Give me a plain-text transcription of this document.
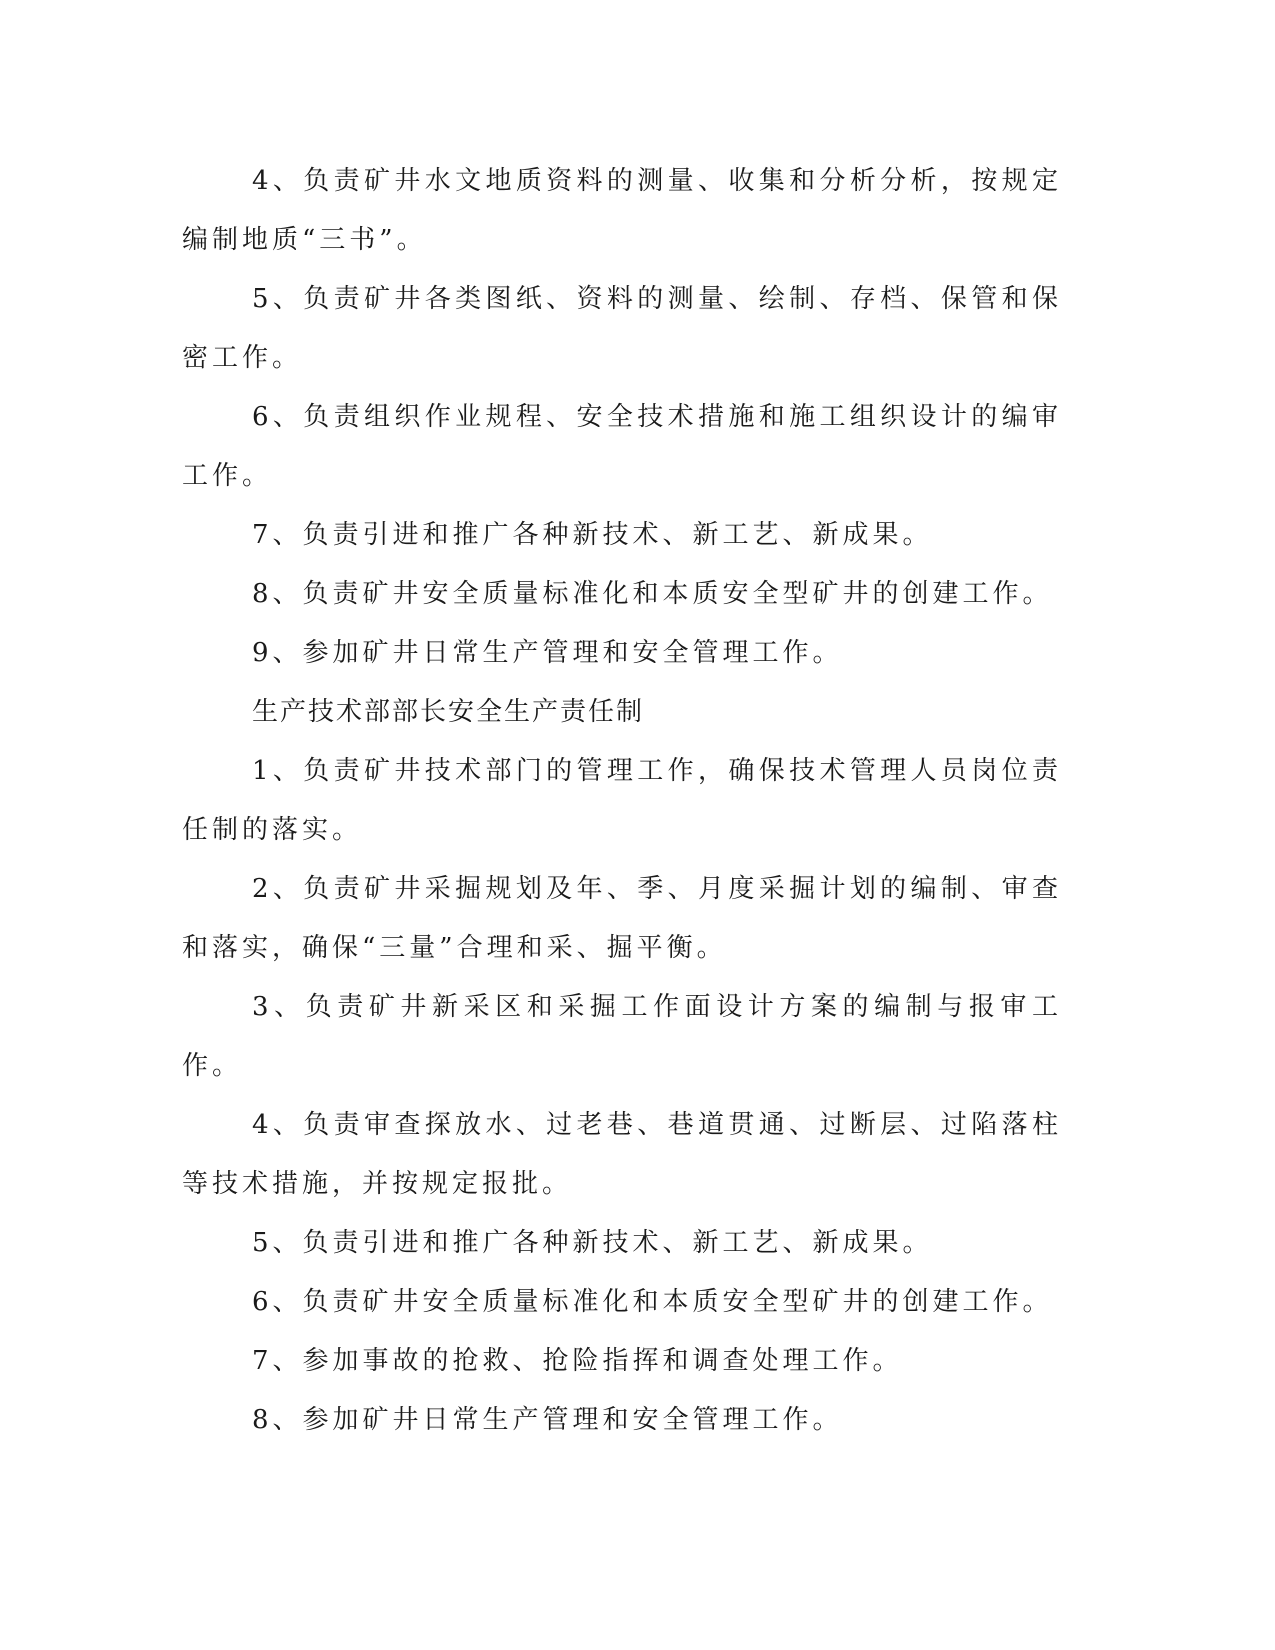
4、负责矿井水文地质资料的测量、收集和分析分析，按规定编制地质“三书”。

5、负责矿井各类图纸、资料的测量、绘制、存档、保管和保密工作。

6、负责组织作业规程、安全技术措施和施工组织设计的编审工作。

7、负责引进和推广各种新技术、新工艺、新成果。

8、负责矿井安全质量标准化和本质安全型矿井的创建工作。

9、参加矿井日常生产管理和安全管理工作。

生产技术部部长安全生产责任制

1、负责矿井技术部门的管理工作，确保技术管理人员岗位责任制的落实。

2、负责矿井采掘规划及年、季、月度采掘计划的编制、审查和落实，确保“三量”合理和采、掘平衡。

3、负责矿井新采区和采掘工作面设计方案的编制与报审工作。

4、负责审查探放水、过老巷、巷道贯通、过断层、过陷落柱等技术措施，并按规定报批。

5、负责引进和推广各种新技术、新工艺、新成果。

6、负责矿井安全质量标准化和本质安全型矿井的创建工作。

7、参加事故的抢救、抢险指挥和调查处理工作。

8、参加矿井日常生产管理和安全管理工作。
